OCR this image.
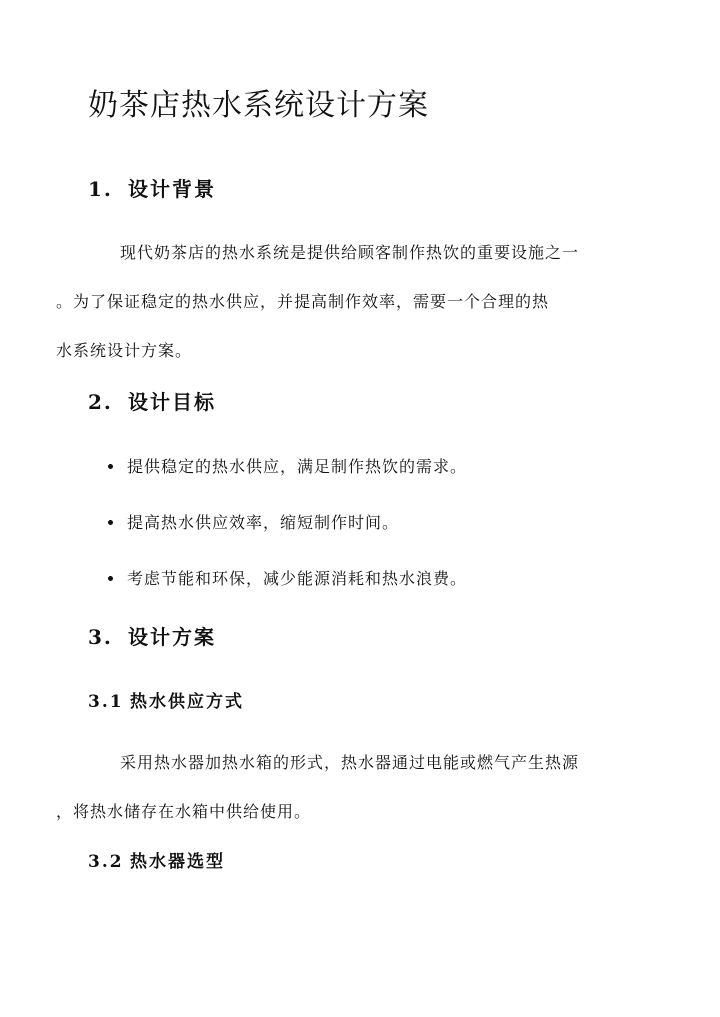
奶茶店热水系统设计方案
1. 设计背景

现代奶茶店的热水系统是提供给顾客制作热饮的重要设施之一
。为了保证稳定的热水供应，并提高制作效率，需要一个合理的热
水系统设计方案。

2. 设计目标
提供稳定的热水供应，满足制作热饮的需求。
提高热水供应效率，缩短制作时间。
考虑节能和环保，减少能源消耗和热水浪费。
3. 设计方案
3.1 热水供应方式

采用热水器加热水箱的形式，热水器通过电能或燃气产生热源
，将热水储存在水箱中供给使用。

3.2 热水器选型
